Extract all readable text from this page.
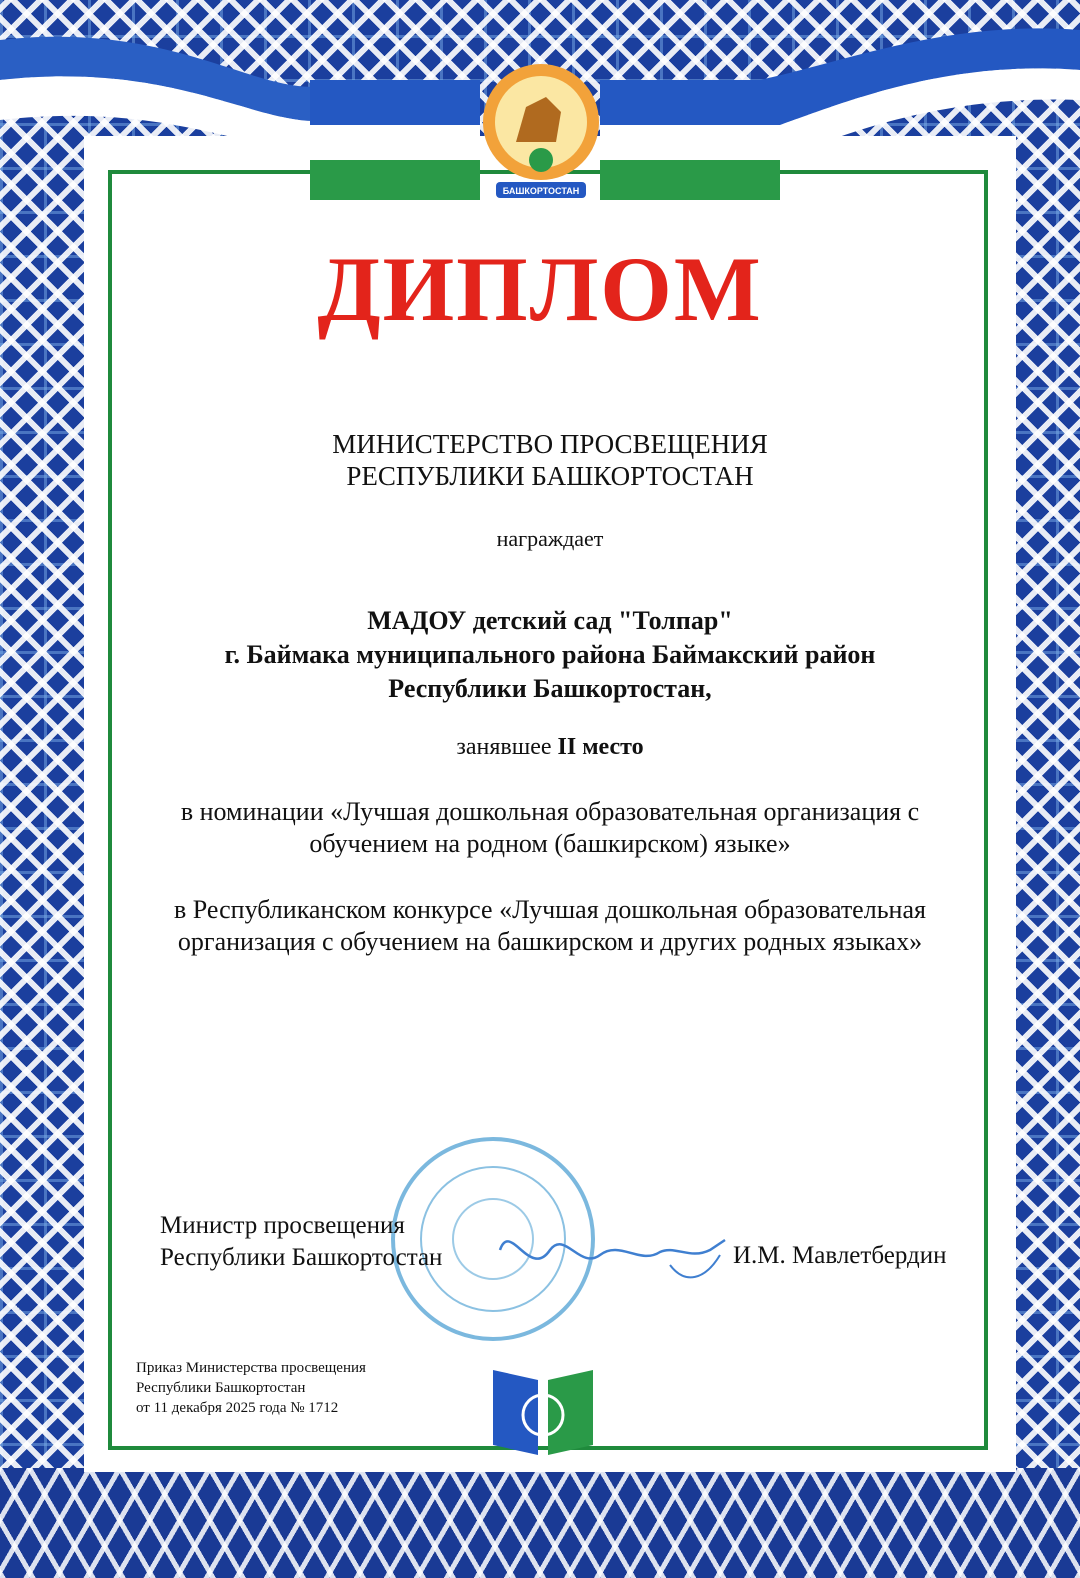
БАШКОРТОСТАН
ДИПЛОМ
МИНИСТЕРСТВО ПРОСВЕЩЕНИЯ
РЕСПУБЛИКИ БАШКОРТОСТАН
награждает
МАДОУ детский сад "Толпар"
г. Баймака муниципального района Баймакский район
Республики Башкортостан,
занявшее II место
в номинации «Лучшая дошкольная образовательная организация с
обучением на родном (башкирском) языке»
в Республиканском конкурсе «Лучшая дошкольная образовательная
организация с обучением на башкирском и других родных языках»
Министр просвещения
Республики Башкортостан	И.М. Мавлетбердин
Приказ Министерства просвещения
Республики Башкортостан
от 11 декабря 2025 года № 1712
